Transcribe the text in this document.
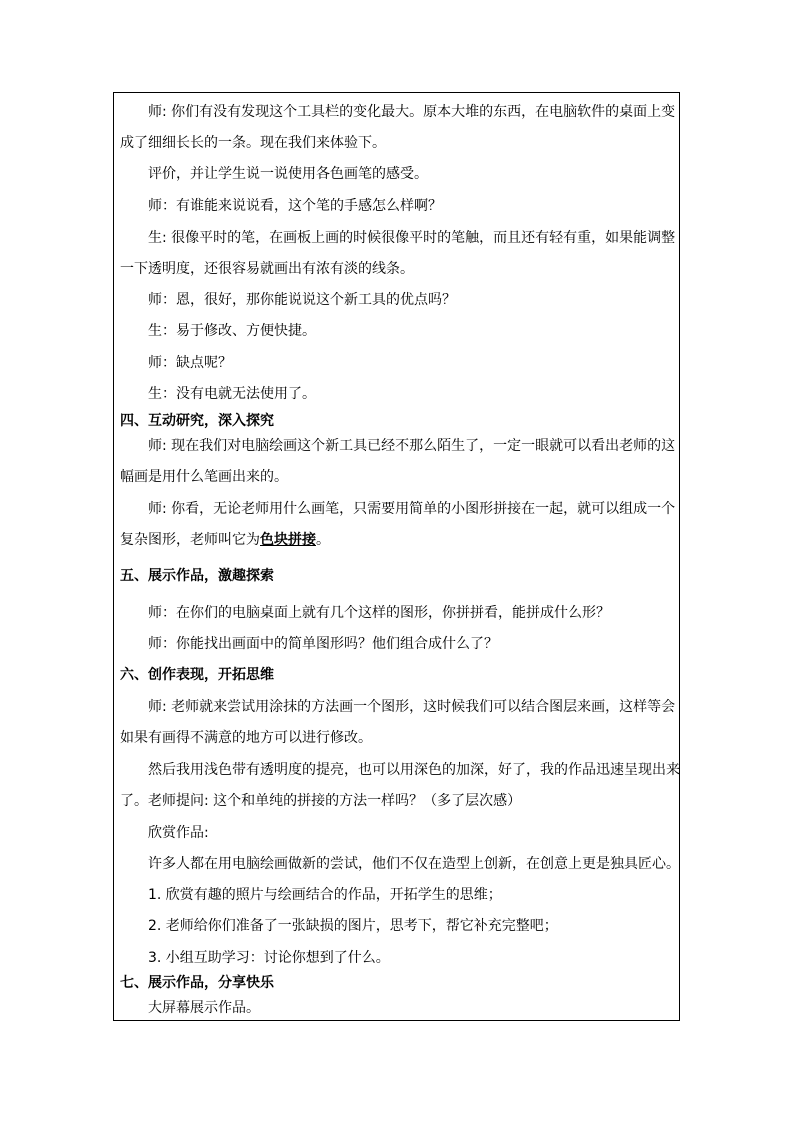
师: 你们有没有发现这个工具栏的变化最大。原本大堆的东西，在电脑软件的桌面上变
成了细细长长的一条。现在我们来体验下。
评价，并让学生说一说使用各色画笔的感受。
师：有谁能来说说看，这个笔的手感怎么样啊？
生: 很像平时的笔，在画板上画的时候很像平时的笔触，而且还有轻有重，如果能调整
一下透明度，还很容易就画出有浓有淡的线条。
师：恩，很好，那你能说说这个新工具的优点吗？
生：易于修改、方便快捷。
师：缺点呢？
生：没有电就无法使用了。
四、互动研究，深入探究
师: 现在我们对电脑绘画这个新工具已经不那么陌生了，一定一眼就可以看出老师的这
幅画是用什么笔画出来的。
师: 你看，无论老师用什么画笔，只需要用简单的小图形拼接在一起，就可以组成一个
复杂图形，老师叫它为色块拼接。
五、展示作品，激趣探索
师：在你们的电脑桌面上就有几个这样的图形，你拼拼看，能拼成什么形？
师：你能找出画面中的简单图形吗？他们组合成什么了？
六、创作表现，开拓思维
师: 老师就来尝试用涂抹的方法画一个图形，这时候我们可以结合图层来画，这样等会
如果有画得不满意的地方可以进行修改。
然后我用浅色带有透明度的提亮，也可以用深色的加深，好了，我的作品迅速呈现出来
了。老师提问: 这个和单纯的拼接的方法一样吗？（多了层次感）
欣赏作品:
许多人都在用电脑绘画做新的尝试，他们不仅在造型上创新，在创意上更是独具匠心。
1. 欣赏有趣的照片与绘画结合的作品，开拓学生的思维；
2. 老师给你们准备了一张缺损的图片，思考下，帮它补充完整吧；
3. 小组互助学习：讨论你想到了什么。
七、展示作品，分享快乐
大屏幕展示作品。
